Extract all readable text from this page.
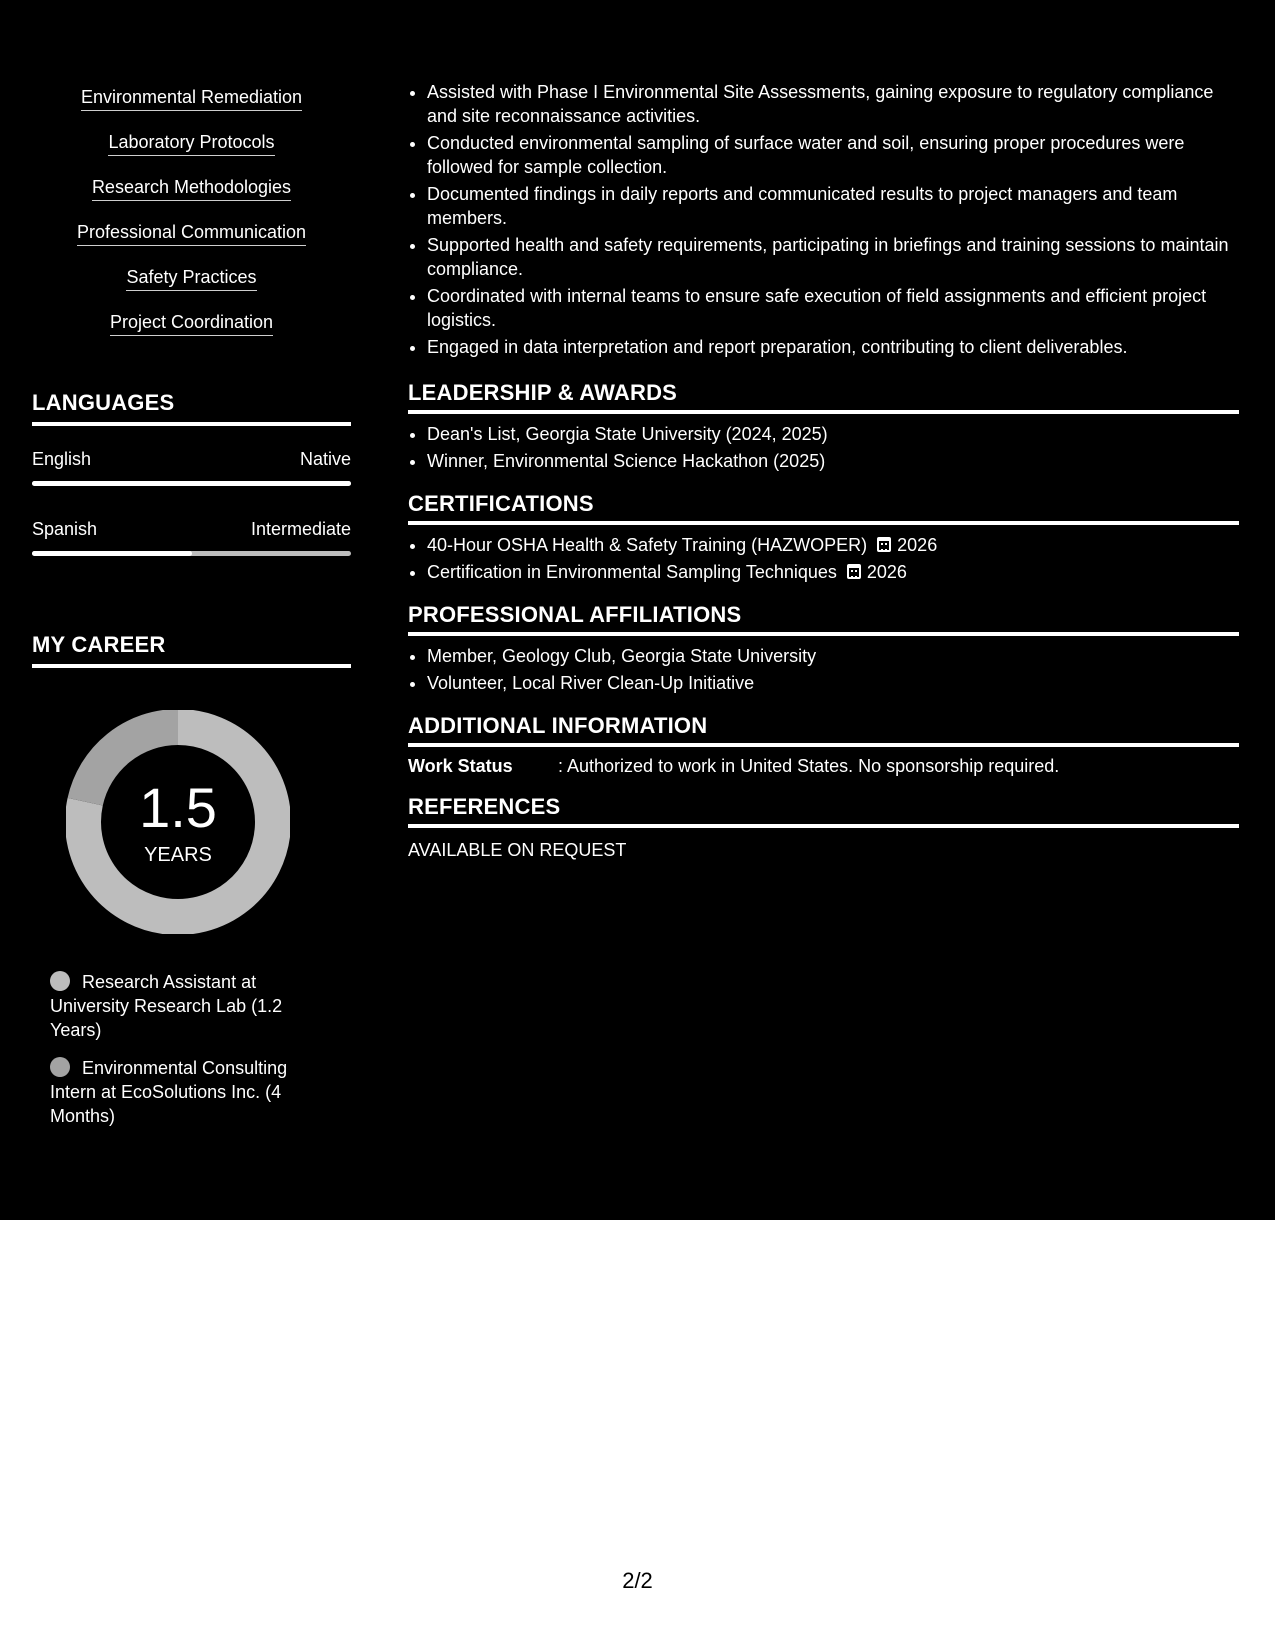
Environmental Remediation
Laboratory Protocols
Research Methodologies
Professional Communication
Safety Practices
Project Coordination
LANGUAGES
English	Native
Spanish	Intermediate
MY CAREER
1.5
YEARS
Research Assistant at University Research Lab (1.2 Years)
Environmental Consulting Intern at EcoSolutions Inc. (4 Months)
• Assisted with Phase I Environmental Site Assessments, gaining exposure to regulatory compliance and site reconnaissance activities.
• Conducted environmental sampling of surface water and soil, ensuring proper procedures were followed for sample collection.
• Documented findings in daily reports and communicated results to project managers and team members.
• Supported health and safety requirements, participating in briefings and training sessions to maintain compliance.
• Coordinated with internal teams to ensure safe execution of field assignments and efficient project logistics.
• Engaged in data interpretation and report preparation, contributing to client deliverables.
LEADERSHIP & AWARDS
• Dean's List, Georgia State University (2024, 2025)
• Winner, Environmental Science Hackathon (2025)
CERTIFICATIONS
• 40-Hour OSHA Health & Safety Training (HAZWOPER) 2026
• Certification in Environmental Sampling Techniques 2026
PROFESSIONAL AFFILIATIONS
• Member, Geology Club, Georgia State University
• Volunteer, Local River Clean-Up Initiative
ADDITIONAL INFORMATION
Work Status	: Authorized to work in United States. No sponsorship required.
REFERENCES
AVAILABLE ON REQUEST
2/2
